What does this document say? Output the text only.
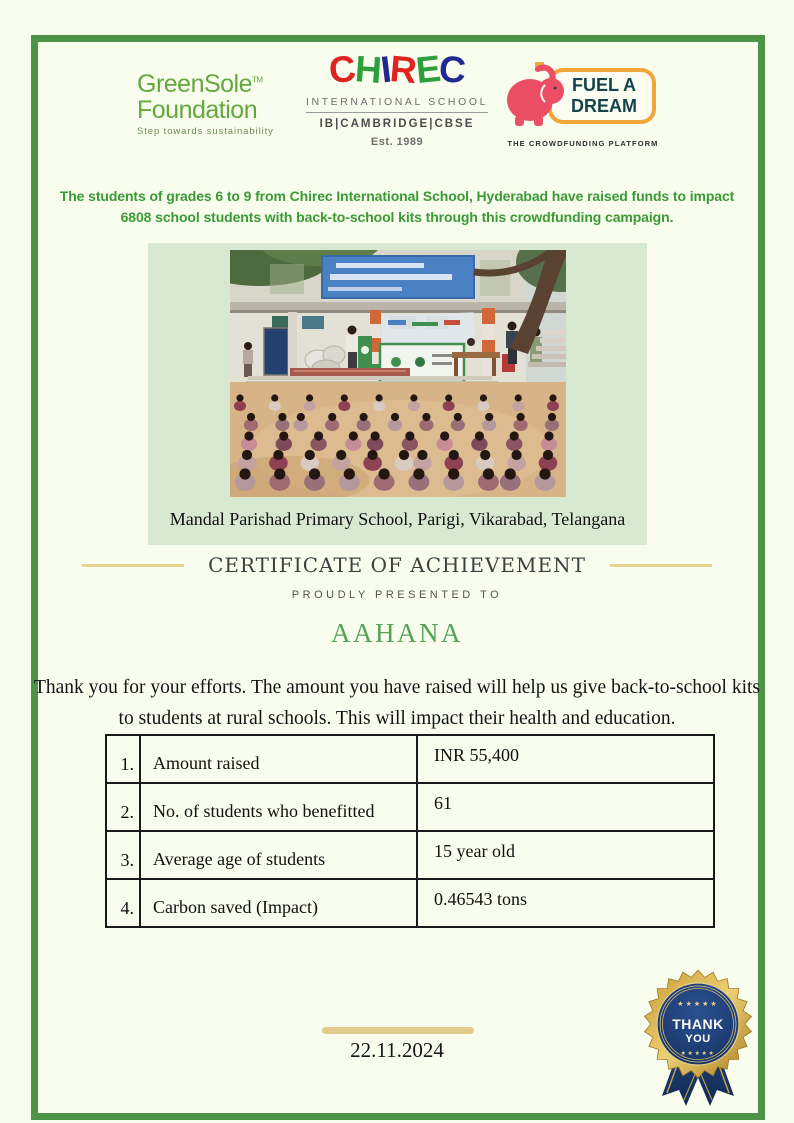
GreenSole™
Foundation
Step towards sustainability
CHIREC
INTERNATIONAL SCHOOL
IB|CAMBRIDGE|CBSE
Est. 1989
FUEL A
DREAM
THE CROWDFUNDING PLATFORM
The students of grades 6 to 9 from Chirec International School, Hyderabad have raised funds to impact 6808 school students with back-to-school kits through this crowdfunding campaign.
Mandal Parishad Primary School, Parigi, Vikarabad, Telangana
CERTIFICATE OF ACHIEVEMENT
PROUDLY PRESENTED TO
AAHANA
Thank you for your efforts. The amount you have raised will help us give back-to-school kits to students at rural schools. This will impact their health and education.
1.	Amount raised	INR 55,400
2.	No. of students who benefitted	61
3.	Average age of students	15 year old
4.	Carbon saved (Impact)	0.46543 tons
22.11.2024
★★★★★
THANK
YOU
★★★★★
